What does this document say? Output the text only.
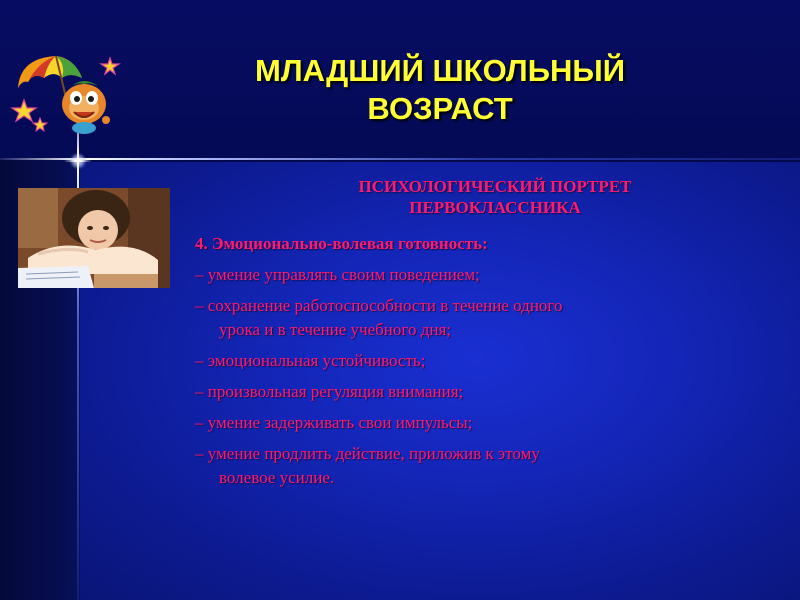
МЛАДШИЙ ШКОЛЬНЫЙ
ВОЗРАСТ
ПСИХОЛОГИЧЕСКИЙ ПОРТРЕТ
ПЕРВОКЛАССНИКА
4. Эмоционально-волевая готовность:
– умение управлять своим поведением;
– сохранение работоспособности в течение одного
урока и в течение учебного дня;
– эмоциональная устойчивость;
– произвольная регуляция внимания;
– умение задерживать свои импульсы;
– умение продлить действие, приложив к этому
волевое усилие.
